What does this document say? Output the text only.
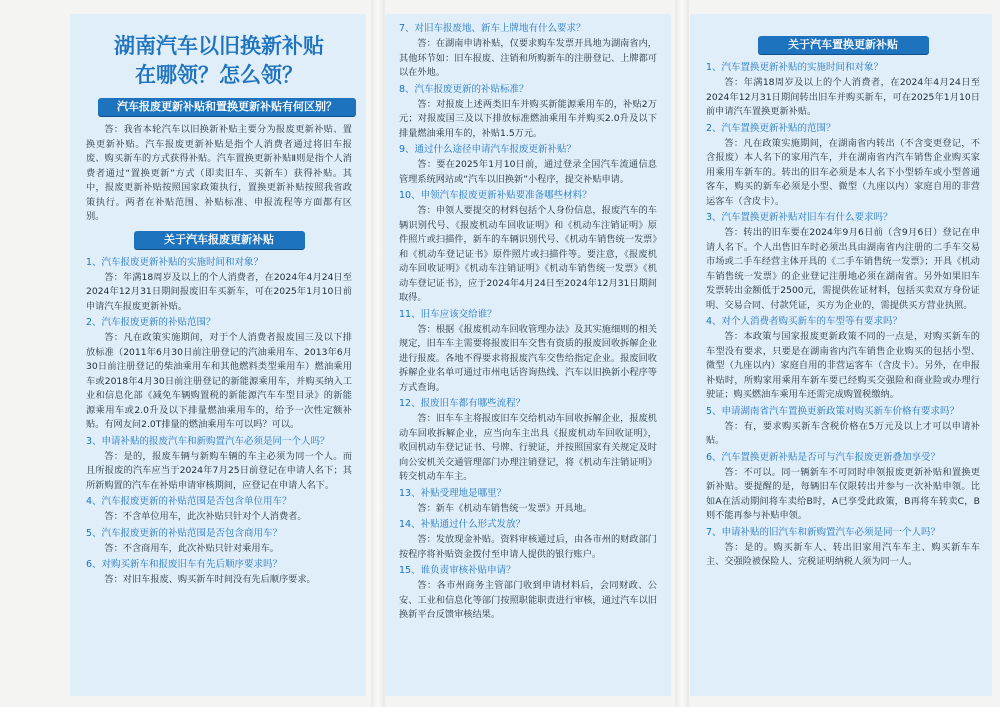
湖南汽车以旧换新补贴
在哪领？怎么领？
汽车报废更新补贴和置换更新补贴有何区别？

答：我省本轮汽车以旧换新补贴主要分为报废更新补贴、置换更新补贴。汽车报废更新补贴是指个人消费者通过将旧车报废、购买新车的方式获得补贴。汽车置换更新补贴Ⅱ则是指个人消费者通过“置换更新”方式（即卖旧车、买新车）获得补贴。其中，报废更新补贴按照国家政策执行，置换更新补贴按照我省政策执行。两者在补贴范围、补贴标准、申报流程等方面都有区别。

关于汽车报废更新补贴
1、汽车报废更新补贴的实施时间和对象？

答：年满18周岁及以上的个人消费者，在2024年4月24日至2024年12月31日期间报废旧车买新车，可在2025年1月10日前申请汽车报废更新补贴。

2、汽车报废更新的补贴范围？

答：凡在政策实施期间，对于个人消费者报废国三及以下排放标准（2011年6月30日前注册登记的汽油乘用车、2013年6月30日前注册登记的柴油乘用车和其他燃料类型乘用车）燃油乘用车或2018年4月30日前注册登记的新能源乘用车，并购买纳入工业和信息化部《减免车辆购置税的新能源汽车车型目录》的新能源乘用车或2.0升及以下排量燃油乘用车的，给予一次性定额补贴。有网友问2.0T排量的燃油乘用车可以吗？可以。

3、申请补贴的报废汽车和新购置汽车必须是同一个人吗？

答：是的，报废车辆与新购车辆的车主必须为同一个人。而且所报废的汽车应当于2024年7月25日前登记在申请人名下；其所新购置的汽车在补贴申请审核期间，应登记在申请人名下。

4、汽车报废更新的补贴范围是否包含单位用车？

答：不含单位用车，此次补贴只针对个人消费者。

5、汽车报废更新的补贴范围是否包含商用车？

答：不含商用车，此次补贴只针对乘用车。

6、对购买新车和报废旧车有先后顺序要求吗？

答：对旧车报废、购买新车时间没有先后顺序要求。

7、对旧车报废地、新车上牌地有什么要求？

答：在湖南申请补贴，仅要求购车发票开具地为湖南省内，其他环节如：旧车报废、注销和所购新车的注册登记、上牌都可以在外地。

8、汽车报废更新的补贴标准？

答：对报废上述两类旧车并购买新能源乘用车的，补贴2万元；对报废国三及以下排放标准燃油乘用车并购买2.0升及以下排量燃油乘用车的，补贴1.5万元。

9、通过什么途径申请汽车报废更新补贴？

答：要在2025年1月10日前，通过登录全国汽车流通信息管理系统网站或“汽车以旧换新”小程序，提交补贴申请。

10、申领汽车报废更新补贴要准备哪些材料？

答：申领人要提交的材料包括个人身份信息，报废汽车的车辆识别代号、《报废机动车回收证明》和《机动车注销证明》原件照片或扫描件，新车的车辆识别代号、《机动车销售统一发票》和《机动车登记证书》原件照片或扫描件等。要注意，《报废机动车回收证明》《机动车注销证明》《机动车销售统一发票》《机动车登记证书》，应于2024年4月24日至2024年12月31日期间取得。

11、旧车应该交给谁？

答：根据《报废机动车回收管理办法》及其实施细则的相关规定，旧车车主需要将报废旧车交售有资质的报废回收拆解企业进行报废。各地不得要求将报废汽车交售给指定企业。报废回收拆解企业名单可通过市州电话咨询热线、汽车以旧换新小程序等方式查询。

12、报废旧车都有哪些流程？

答：旧车车主将报废旧车交给机动车回收拆解企业，报废机动车回收拆解企业，应当向车主出具《报废机动车回收证明》，收回机动车登记证书、号牌、行驶证，并按照国家有关规定及时向公安机关交通管理部门办理注销登记，将《机动车注销证明》转交机动车车主。

13、补贴受理地是哪里？

答：新车《机动车销售统一发票》开具地。

14、补贴通过什么形式发放？

答：发放现金补贴。资料审核通过后，由各市州的财政部门按程序将补贴资金拨付至申请人提供的银行账户。

15、谁负责审核补贴申请？

答：各市州商务主管部门收到申请材料后，会同财政、公安、工业和信息化等部门按照职能职责进行审核，通过汽车以旧换新平台反馈审核结果。

关于汽车置换更新补贴
1、汽车置换更新补贴的实施时间和对象？

答：年满18周岁及以上的个人消费者，在2024年4月24日至2024年12月31日期间转出旧车并购买新车，可在2025年1月10日前申请汽车置换更新补贴。

2、汽车置换更新补贴的范围？

答：凡在政策实施期间，在湖南省内转出（不含变更登记，不含报废）本人名下的家用汽车，并在湖南省内汽车销售企业购买家用乘用车新车的。转出的旧车必须是本人名下小型轿车或小型普通客车，购买的新车必须是小型、微型（九座以内）家庭自用的非营运客车（含皮卡）。

3、汽车置换更新补贴对旧车有什么要求吗？

答：转出的旧车要在2024年9月6日前（含9月6日）登记在申请人名下。个人出售旧车时必须出具由湖南省内注册的二手车交易市场或二手车经营主体开具的《二手车销售统一发票》；开具《机动车销售统一发票》的企业登记注册地必须在湖南省。另外如果旧车发票转出金额低于2500元，需提供佐证材料，包括买卖双方身份证明、交易合同、付款凭证，买方为企业的，需提供买方营业执照。

4、对个人消费者购买新车的车型等有要求吗？

答：本政策与国家报废更新政策不同的一点是，对购买新车的车型没有要求，只要是在湖南省内汽车销售企业购买的包括小型、微型（九座以内）家庭自用的非营运客车（含皮卡）。另外，在申报补贴时，所购家用乘用车新车要已经购买交强险和商业险或办理行驶证；购买燃油车乘用车还需完成购置税缴纳。

5、申请湖南省汽车置换更新政策对购买新车价格有要求吗？

答：有，要求购买新车含税价格在5万元及以上才可以申请补贴。

6、汽车置换更新补贴是否可与汽车报废更新叠加享受？

答：不可以。同一辆新车不可同时申领报废更新补贴和置换更新补贴。要提醒的是，每辆旧车仅限转出并参与一次补贴申领。比如A在活动期间将车卖给B时，A已享受此政策，B再将车转卖C，B则不能再参与补贴申领。

7、申请补贴的旧汽车和新购置汽车必须是同一个人吗？

答：是的。购买新车人、转出旧家用汽车车主、购买新车车主、交强险被保险人、完税证明纳税人须为同一人。
